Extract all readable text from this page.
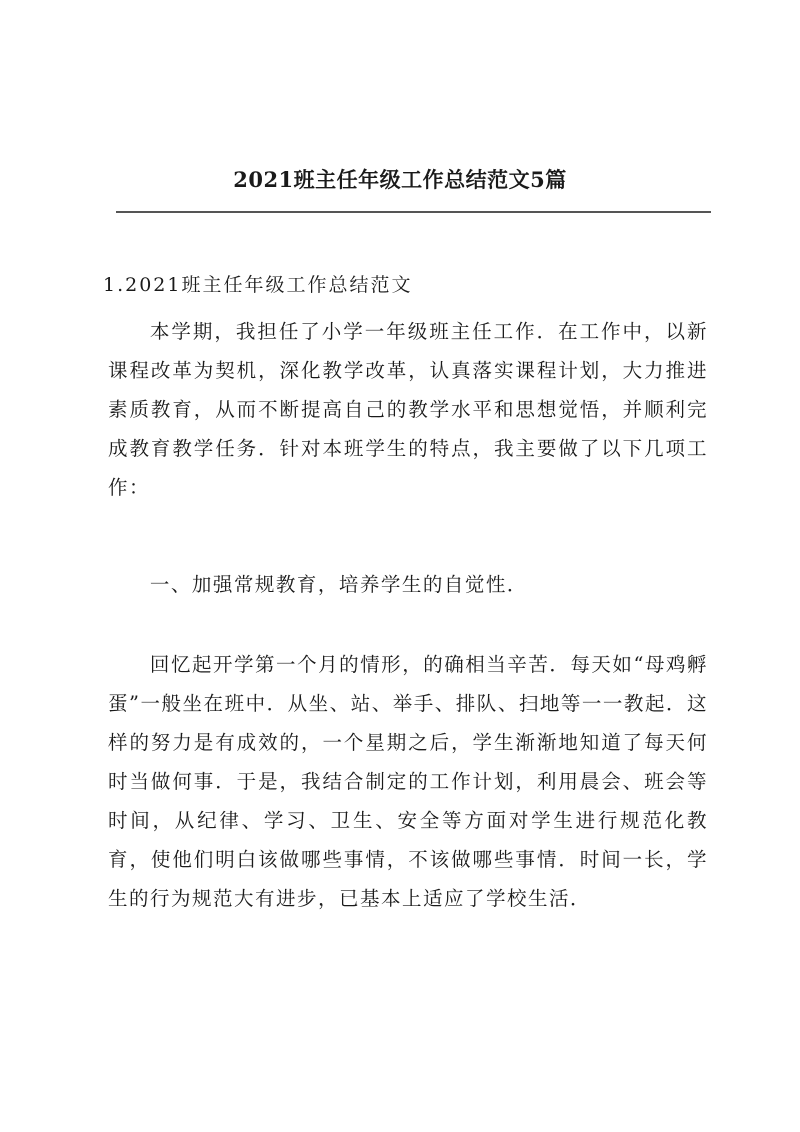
2021班主任年级工作总结范文5篇
1.2021班主任年级工作总结范文

本学期，我担任了小学一年级班主任工作．在工作中，以新课程改革为契机，深化教学改革，认真落实课程计划，大力推进素质教育，从而不断提高自己的教学水平和思想觉悟，并顺利完成教育教学任务．针对本班学生的特点，我主要做了以下几项工作：

一、加强常规教育，培养学生的自觉性．

回忆起开学第一个月的情形，的确相当辛苦．每天如“母鸡孵蛋”一般坐在班中．从坐、站、举手、排队、扫地等一一教起．这样的努力是有成效的，一个星期之后，学生渐渐地知道了每天何时当做何事．于是，我结合制定的工作计划，利用晨会、班会等时间，从纪律、学习、卫生、安全等方面对学生进行规范化教育，使他们明白该做哪些事情，不该做哪些事情．时间一长，学生的行为规范大有进步，已基本上适应了学校生活．
